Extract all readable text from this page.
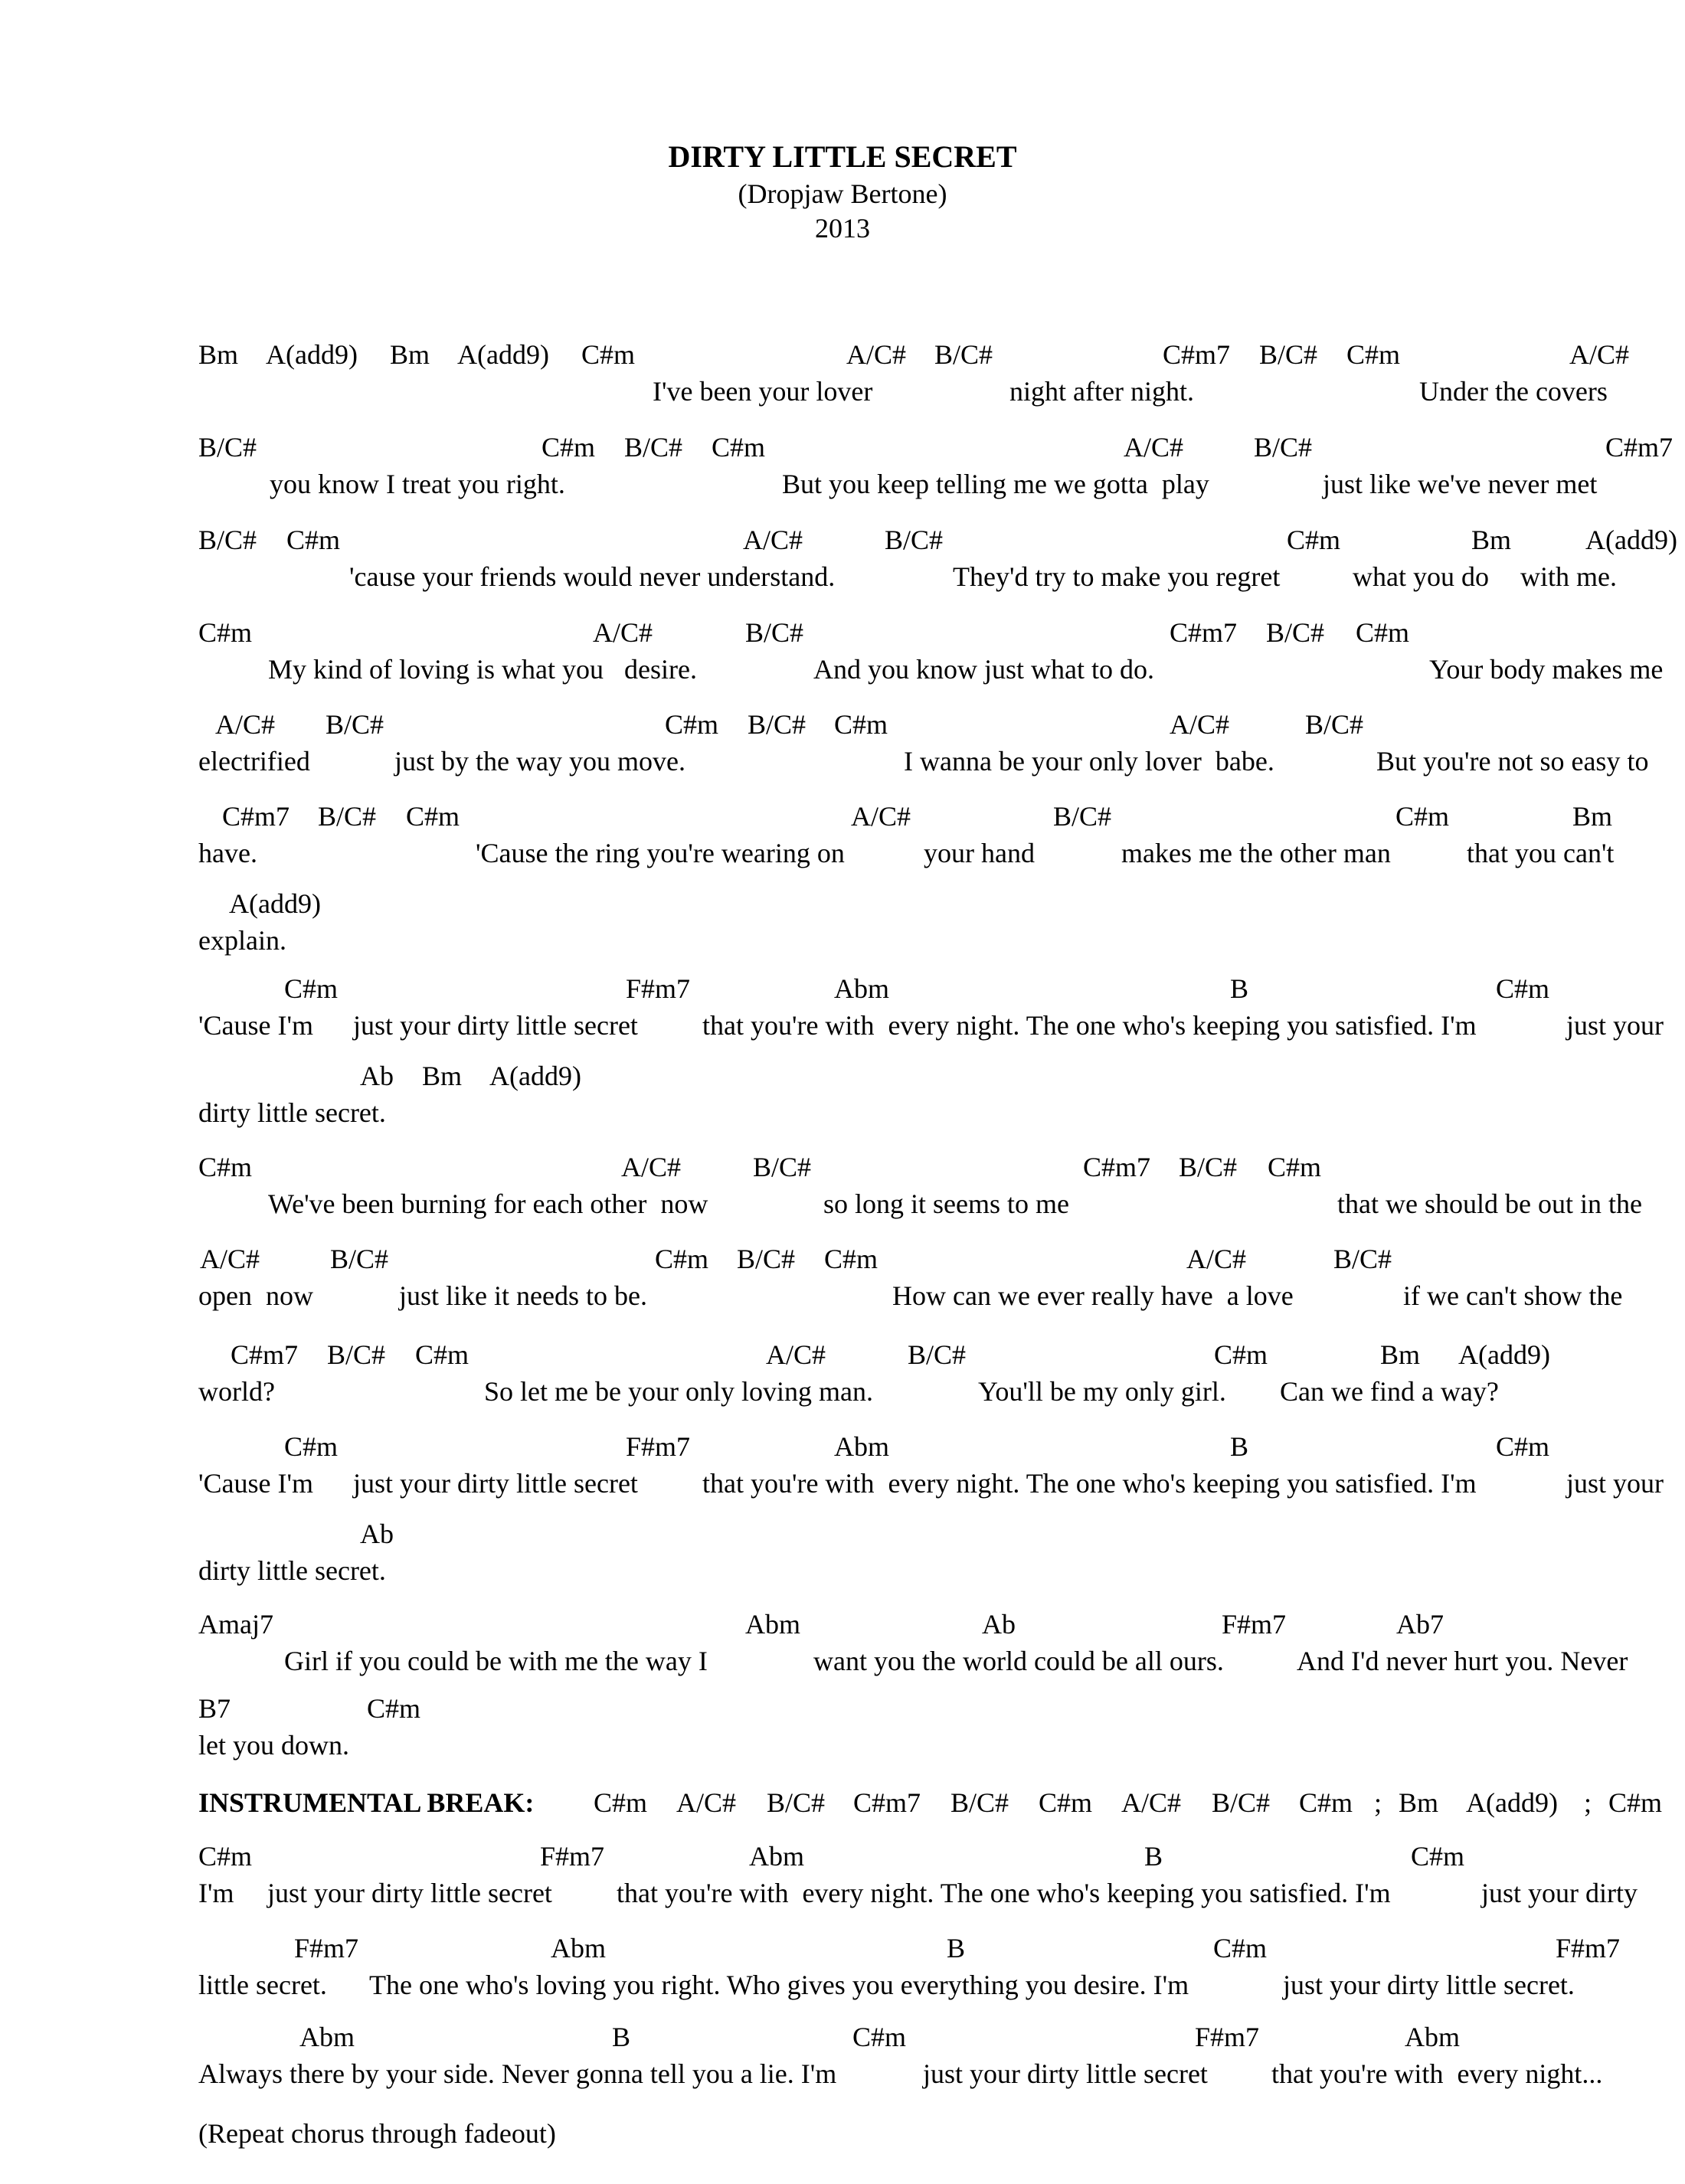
DIRTY LITTLE SECRET
(Dropjaw Bertone)
2013
Bm A(add9) Bm A(add9) C#m	A/C# B/C#	C#m7 B/C# C#m	A/C#
I've been your lover	night after night.	Under the covers
B/C#	C#m B/C# C#m	A/C#	B/C#	C#m7
you know I treat you right.	But you keep telling me we gotta  play	just like we've never met
B/C# C#m	A/C#	B/C#	C#m	Bm	A(add9)
'cause your friends would never understand.	They'd try to make you regret	what you do with me.
C#m	A/C#	B/C#	C#m7 B/C# C#m
My kind of loving is what you   desire.	And you know just what to do.	Your body makes me
A/C# B/C#	C#m B/C# C#m	A/C#	B/C#
electrified	just by the way you move.	I wanna be your only lover  babe.	But you're not so easy to
C#m7 B/C# C#m	A/C#	B/C#	C#m	Bm
have.	'Cause the ring you're wearing on	your hand	makes me the other man	that you can't
A(add9)
explain.
C#m	F#m7	Abm	B	C#m
'Cause I'm just your dirty little secret that you're with  every night. The one who's keeping you satisfied. I'm	just your
Ab Bm A(add9)
dirty little secret.
C#m	A/C#	B/C#	C#m7 B/C# C#m
We've been burning for each other  now	so long it seems to me	that we should be out in the
A/C#	B/C#	C#m B/C# C#m	A/C#	B/C#
open  now	just like it needs to be.	How can we ever really have  a love	if we can't show the
C#m7 B/C# C#m	A/C#	B/C#	C#m	Bm A(add9)
world?	So let me be your only loving man.	You'll be my only girl. Can we find a way?
C#m	F#m7	Abm	B	C#m
'Cause I'm just your dirty little secret that you're with  every night. The one who's keeping you satisfied. I'm	just your
Ab
dirty little secret.
Amaj7	Abm	Ab	F#m7	Ab7
Girl if you could be with me the way I	want you the world could be all ours.	And I'd never hurt you. Never
B7	C#m
let you down.
INSTRUMENTAL BREAK: C#m A/C# B/C# C#m7 B/C# C#m A/C# B/C# C#m ; Bm A(add9) ; C#m
C#m	F#m7	Abm	B	C#m
I'm just your dirty little secret that you're with  every night. The one who's keeping you satisfied. I'm	just your dirty
F#m7	Abm	B	C#m	F#m7
little secret. The one who's loving you right. Who gives you everything you desire. I'm	just your dirty little secret.
Abm	B	C#m	F#m7	Abm
Always there by your side. Never gonna tell you a lie. I'm	just your dirty little secret that you're with  every night...
(Repeat chorus through fadeout)
